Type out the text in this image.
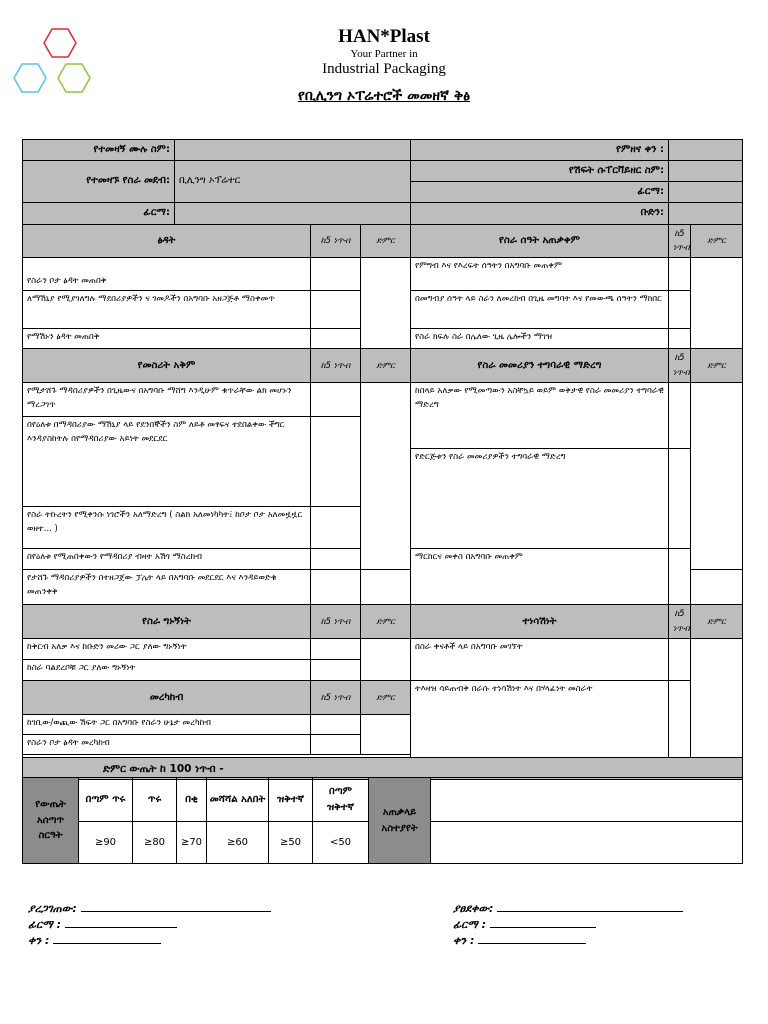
HAN*Plast
Your Partner in
Industrial Packaging
የቢሊንግ ኦፐሬተሮች መመዘኛ ቅፅ
የተመዛኝ ሙሉ ስም:				የምዘና ቀን :		
የተመዛኙ የስራ መደብ:	ቢሊንግ ኦፕሬተር			የሽፍት ሱፐርቫይዘር ስም:		
				ፊርማ:		
ፊርማ:				ቡድን:		
ፅዳት		ከ5 ነጥብ	ድምር	የስራ ሰዓት አጠቃቀም	ከ5 ነጥብ	ድምር
የስራን ቦታ ፅዳት መጠበቅ				የምግብ እና የእረፍት ሰዓትን በአግባቡ መጠቀም		
ለማሽኒያ የሚያገለግሉ ማደበሪያዎችን ና ገመዶችን በአግባቡ አዘጋጅቶ ማስቀመጥ				በመግብያ ሰዓት ላይ ስራን ለመረከብ በጊዜ መግባት እና የመውጫ ሰዓትን ማክበር		
የማሽኑን ፅዳት መጠበቅ				የስራ ክፍሉ ስራ በሌለው ጊዜ ሌሎችን ማገዝ		
የመስሪት አቅም		ከ5 ነጥብ	ድምር	የስራ መመሪያን ተግባራዊ ማድረግ	ከ5 ነጥብ	ድምር
የሚታሸጉ ማዳበሪያዎችን በጊዜውና በአግባቡ ማሸግ እንዲሁም ቁጥራቸው ልክ መሆኑን ማረጋገጥ				ከበላይ አለቃው የሚመጣውን አስቸኳይ ወይም ወቅታዊ የስራ መመሪያን ተግባራዊ ማድረግ		
በየዕለቱ በማዳበሪያው ማሽኒያ ላይ የደንበኞችን ስም ለይቶ መፃፍና ተደበልቀው ችግር እንዳያስከትሉ በየማዳበሪያው አይነት መደርደር						
				የድርጅቱን የስራ መመሪያዎችን ተግባራዊ ማድረግ		
የስራ ትኩረትን የሚቀንሱ ነገሮችን አለማድረግ ( ስልክ አለመነካካት፤ ከቦታ ቦታ አለመዟዟር ወዘተ... )						
በየዕለቱ የሚጠበቀውን የማዳበሪያ ብዛት አሽጎ ማስረከብ				ማርከርና መቀስ በአግባቡ መጠቀም		
የታሸጉ ማዳበሪያዎችን በተዘጋጀው ፓሌት ላይ በአግባቡ መደርደር እና እንዳይወድቁ መጠንቀቅ						
የስራ ግኑኝነት		ከ5 ነጥብ	ድምር	ተነሳሽነት	ከ5 ነጥብ	ድምር
ከቅርብ አለቃ እና ከቡድን መሪው ጋር ያለው ግኑኝነት				በስራ ቀናቶች ላይ በአግባቡ መገኘት		
ከስራ ባልደረቦቹ ጋር ያለው ግኑኝነት						
መረካከብ		ከ5 ነጥብ	ድምር	ትእዛዝ ሳይጠብቅ በራሱ ተነሳሽነት እና በሃላፊነት መስራት		
ከገቢው/ወጪው ሽፍት ጋር በአግባቡ የስራን ሁኔታ መረካከብ						
የስራን ቦታ ፅዳት መረካከብ						

ድምር ውጤት ከ 100 ነጥብ -						
የውጤት አሰጣጥ ስርዓት	በጣም ጥሩ	ጥሩ	በቂ	መሻሻል አለበት	ዝቅተኛ	በጣም ዝቅተኛ	አጠቃላይ አስተያየት	
	≥90	≥80	≥70	≥60	≥50	<50		
ያረጋገጠው:
ፊርማ :
ቀን :
ያፀደቀው:
ፊርማ :
ቀን :
